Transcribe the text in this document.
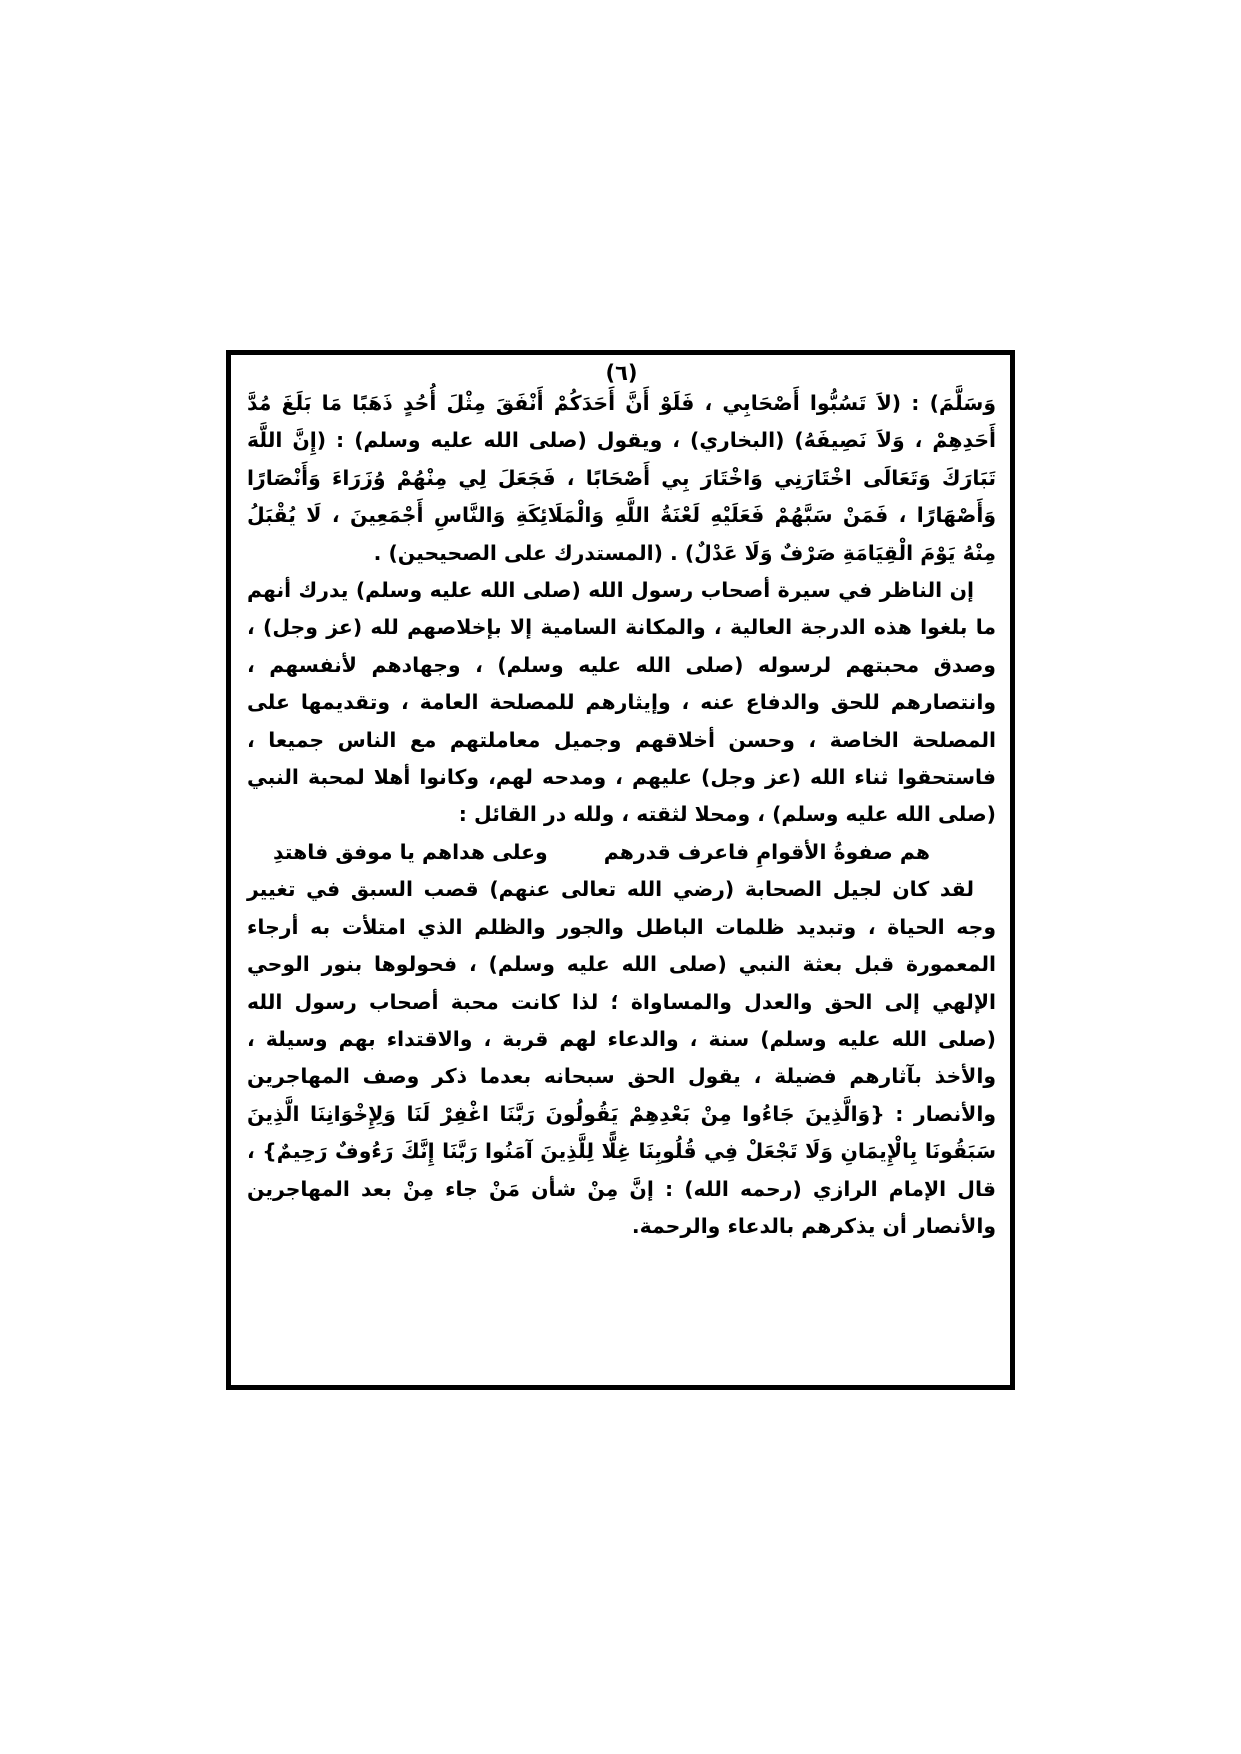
(٦)

وَسَلَّمَ) : (لاَ تَسُبُّوا أَصْحَابِي ، فَلَوْ أَنَّ أَحَدَكُمْ أَنْفَقَ مِثْلَ أُحُدٍ ذَهَبًا مَا بَلَغَ مُدَّ أَحَدِهِمْ ، وَلاَ نَصِيفَهُ) (البخاري) ، ويقول (صلى الله عليه وسلم) : (إِنَّ اللَّهَ تَبَارَكَ وَتَعَالَى اخْتَارَنِي وَاخْتَارَ بِي أَصْحَابًا ، فَجَعَلَ لِي مِنْهُمْ وُزَرَاءَ وَأَنْصَارًا وَأَصْهَارًا ، فَمَنْ سَبَّهُمْ فَعَلَيْهِ لَعْنَةُ اللَّهِ وَالْمَلَائِكَةِ وَالنَّاسِ أَجْمَعِينَ ، لَا يُقْبَلُ مِنْهُ يَوْمَ الْقِيَامَةِ صَرْفٌ وَلَا عَدْلٌ) . (المستدرك على الصحيحين) .

إن الناظر في سيرة أصحاب رسول الله (صلى الله عليه وسلم) يدرك أنهم ما بلغوا هذه الدرجة العالية ، والمكانة السامية إلا بإخلاصهم لله (عز وجل) ، وصدق محبتهم لرسوله (صلى الله عليه وسلم) ، وجهادهم لأنفسهم ، وانتصارهم للحق والدفاع عنه ، وإيثارهم للمصلحة العامة ، وتقديمها على المصلحة الخاصة ، وحسن أخلاقهم وجميل معاملتهم مع الناس جميعا ، فاستحقوا ثناء الله (عز وجل) عليهم ، ومدحه لهم، وكانوا أهلا لمحبة النبي (صلى الله عليه وسلم) ، ومحلا لثقته ، ولله در القائل :

هم صفوةُ الأقوامِ فاعرف قدرهم
وعلى هداهم يا موفق فاهتدِ

لقد كان لجيل الصحابة (رضي الله تعالى عنهم) قصب السبق في تغيير وجه الحياة ، وتبديد ظلمات الباطل والجور والظلم الذي امتلأت به أرجاء المعمورة قبل بعثة النبي (صلى الله عليه وسلم) ، فحولوها بنور الوحي الإلهي إلى الحق والعدل والمساواة ؛ لذا كانت محبة أصحاب رسول الله (صلى الله عليه وسلم) سنة ، والدعاء لهم قربة ، والاقتداء بهم وسيلة ، والأخذ بآثارهم فضيلة ، يقول الحق سبحانه بعدما ذكر وصف المهاجرين والأنصار : {وَالَّذِينَ جَاءُوا مِنْ بَعْدِهِمْ يَقُولُونَ رَبَّنَا اغْفِرْ لَنَا وَلِإِخْوَانِنَا الَّذِينَ سَبَقُونَا بِالْإِيمَانِ وَلَا تَجْعَلْ فِي قُلُوبِنَا غِلًّا لِلَّذِينَ آمَنُوا رَبَّنَا إِنَّكَ رَءُوفٌ رَحِيمٌ} ، قال الإمام الرازي (رحمه الله) : إنَّ مِنْ شأن مَنْ جاء مِنْ بعد المهاجرين والأنصار أن يذكرهم بالدعاء والرحمة.
